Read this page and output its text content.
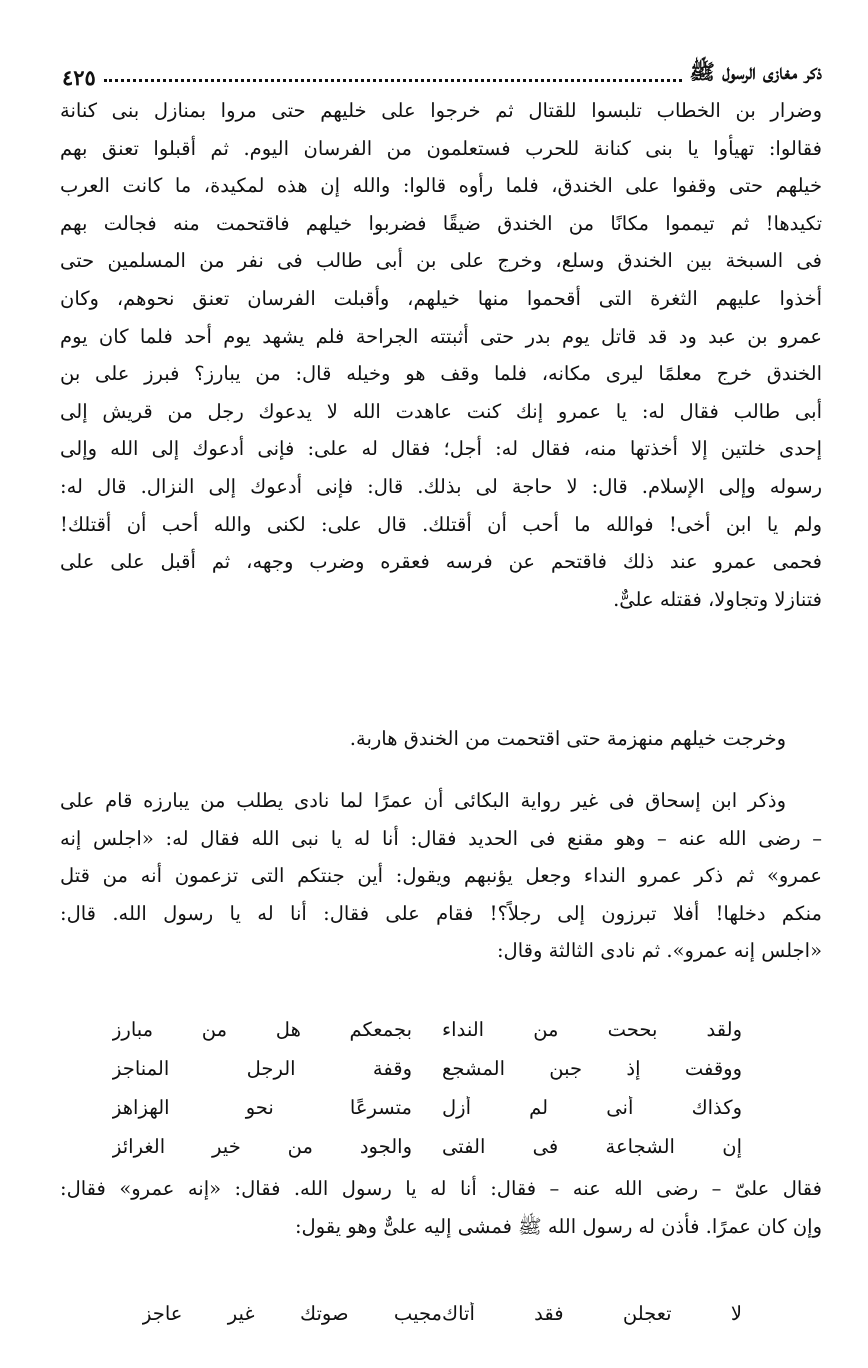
ذكر مغازى الرسول ﷺ
٤٢٥
وضرار بن الخطاب تلبسوا للقتال ثم خرجوا على خليهم حتى مروا بمنازل بنى كنانة
فقالوا: تهيأوا يا بنى كنانة للحرب فستعلمون من الفرسان اليوم. ثم أقبلوا تعنق بهم
خيلهم حتى وقفوا على الخندق، فلما رأوه قالوا: والله إن هذه لمكيدة، ما كانت العرب
تكيدها! ثم تيمموا مكانًا من الخندق ضيقًا فضربوا خيلهم فاقتحمت منه فجالت بهم
فى السبخة بين الخندق وسلع، وخرج على بن أبى طالب فى نفر من المسلمين حتى
أخذوا عليهم الثغرة التى أقحموا منها خيلهم، وأقبلت الفرسان تعنق نحوهم، وكان
عمرو بن عبد ود قد قاتل يوم بدر حتى أثبتته الجراحة فلم يشهد يوم أحد فلما كان يوم
الخندق خرج معلمًا ليرى مكانه، فلما وقف هو وخيله قال: من يبارز؟ فبرز على بن
أبى طالب فقال له: يا عمرو إنك كنت عاهدت الله لا يدعوك رجل من قريش إلى
إحدى خلتين إلا أخذتها منه، فقال له: أجل؛ فقال له على: فإنى أدعوك إلى الله وإلى
رسوله وإلى الإسلام. قال: لا حاجة لى بذلك. قال: فإنى أدعوك إلى النزال. قال له:
ولم يا ابن أخى! فوالله ما أحب أن أقتلك. قال على: لكنى والله أحب أن أقتلك!
فحمى عمرو عند ذلك فاقتحم عن فرسه فعقره وضرب وجهه، ثم أقبل على على
فتنازلا وتجاولا، فقتله علىٌّ.
وخرجت خيلهم منهزمة حتى اقتحمت من الخندق هاربة.
وذكر ابن إسحاق فى غير رواية البكائى أن عمرًا لما نادى يطلب من يبارزه قام على
– رضى الله عنه – وهو مقنع فى الحديد فقال: أنا له يا نبى الله فقال له: «اجلس إنه
عمرو» ثم ذكر عمرو النداء وجعل يؤنبهم ويقول: أين جنتكم التى تزعمون أنه من قتل
منكم دخلها! أفلا تبرزون إلى رجلاً؟! فقام على فقال: أنا له يا رسول الله. قال:
«اجلس إنه عمرو». ثم نادى الثالثة وقال:
ولقد بححت من النداء
بجمعكم هل من مبارز
ووقفت إذ جبن المشجع
وقفة الرجل المناجز
وكذاك أنى لم أزل
متسرعًا نحو الهزاهز
إن الشجاعة فى الفتى
والجود من خير الغرائز
فقال علىّ – رضى الله عنه – فقال: أنا له يا رسول الله. فقال: «إنه عمرو» فقال:
وإن كان عمرًا. فأذن له رسول الله ﷺ فمشى إليه علىٌّ وهو يقول:
لا تعجلن فقد أتاك
مجيب صوتك غير عاجز
